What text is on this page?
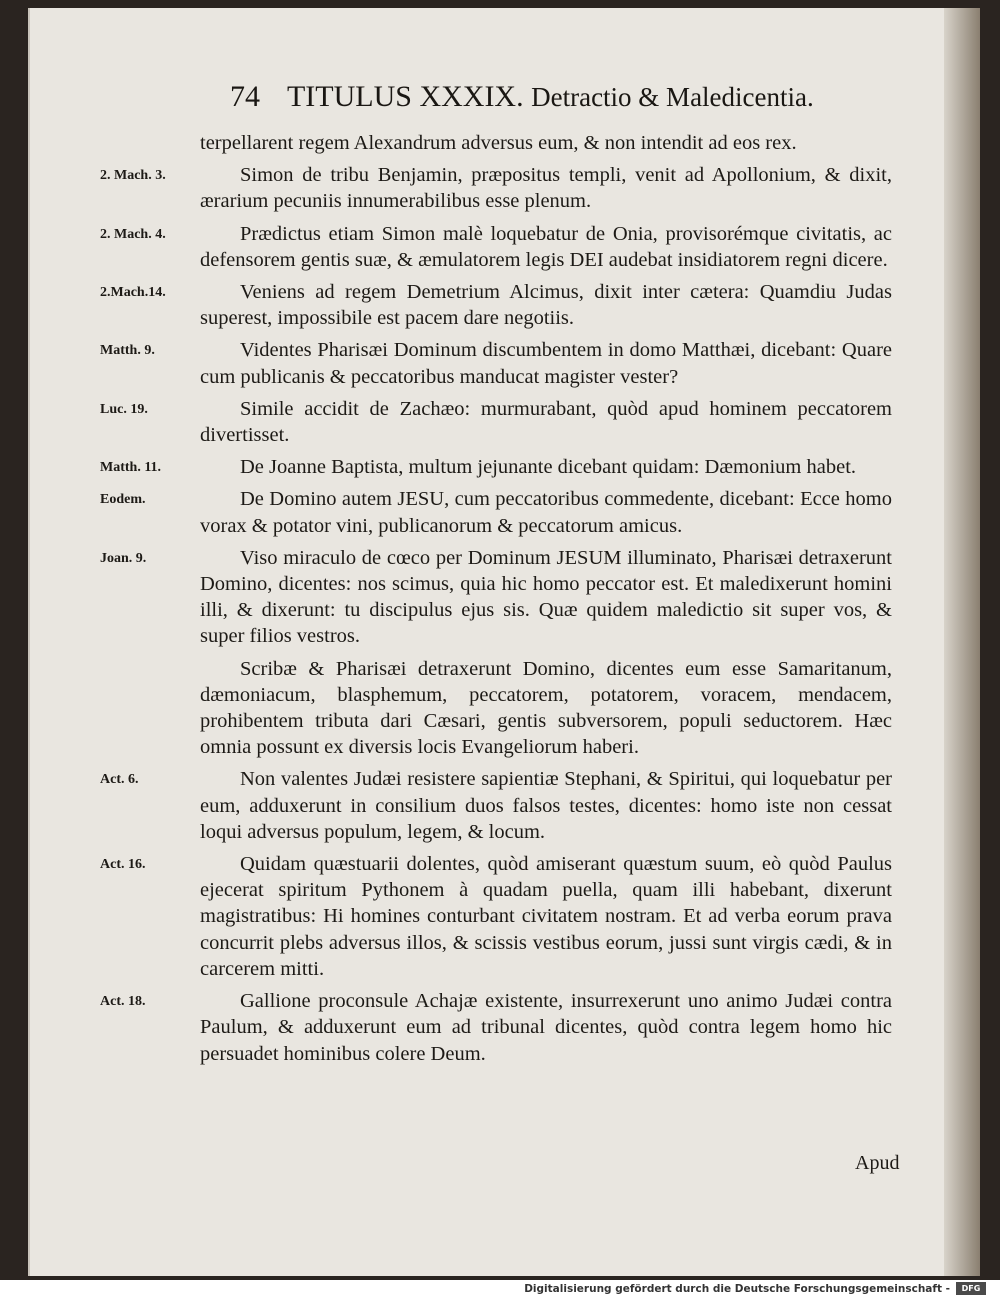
74 TITULUS XXXIX. Detractio & Maledicentia.
terpellarent regem Alexandrum adversus eum, & non intendit ad eos rex.
2. Mach. 3.	Simon de tribu Benjamin, præpositus templi, venit ad Apollonium, & dixit, ærarium pecuniis innumerabilibus esse plenum.
2. Mach. 4.	Prædictus etiam Simon malè loquebatur de Onia, provisorémque civitatis, ac defensorem gentis suæ, & æmulatorem legis DEI audebat insidiatorem regni dicere.
2.Mach.14.	Veniens ad regem Demetrium Alcimus, dixit inter cætera: Quamdiu Judas superest, impossibile est pacem dare negotiis.
Matth. 9.	Videntes Pharisæi Dominum discumbentem in domo Matthæi, dicebant: Quare cum publicanis & peccatoribus manducat magister vester?
Luc. 19.	Simile accidit de Zachæo: murmurabant, quòd apud hominem peccatorem divertisset.
Matth. 11.	De Joanne Baptista, multum jejunante dicebant quidam: Dæmonium habet.
Eodem.	De Domino autem JESU, cum peccatoribus commedente, dicebant: Ecce homo vorax & potator vini, publicanorum & peccatorum amicus.
Joan. 9.	Viso miraculo de cœco per Dominum JESUM illuminato, Pharisæi detraxerunt Domino, dicentes: nos scimus, quia hic homo peccator est. Et maledixerunt homini illi, & dixerunt: tu discipulus ejus sis. Quæ quidem maledictio sit super vos, & super filios vestros.
Scribæ & Pharisæi detraxerunt Domino, dicentes eum esse Samaritanum, dæmoniacum, blasphemum, peccatorem, potatorem, voracem, mendacem, prohibentem tributa dari Cæsari, gentis subversorem, populi seductorem. Hæc omnia possunt ex diversis locis Evangeliorum haberi.
Act. 6.	Non valentes Judæi resistere sapientiæ Stephani, & Spiritui, qui loquebatur per eum, adduxerunt in consilium duos falsos testes, dicentes: homo iste non cessat loqui adversus populum, legem, & locum.
Act. 16.	Quidam quæstuarii dolentes, quòd amiserant quæstum suum, eò quòd Paulus ejecerat spiritum Pythonem à quadam puella, quam illi habebant, dixerunt magistratibus: Hi homines conturbant civitatem nostram. Et ad verba eorum prava concurrit plebs adversus illos, & scissis vestibus eorum, jussi sunt virgis cædi, & in carcerem mitti.
Act. 18.	Gallione proconsule Achajæ existente, insurrexerunt uno animo Judæi contra Paulum, & adduxerunt eum ad tribunal dicentes, quòd contra legem homo hic persuadet hominibus colere Deum.
Apud
Digitalisierung gefördert durch die Deutsche Forschungsgemeinschaft -	DFG
